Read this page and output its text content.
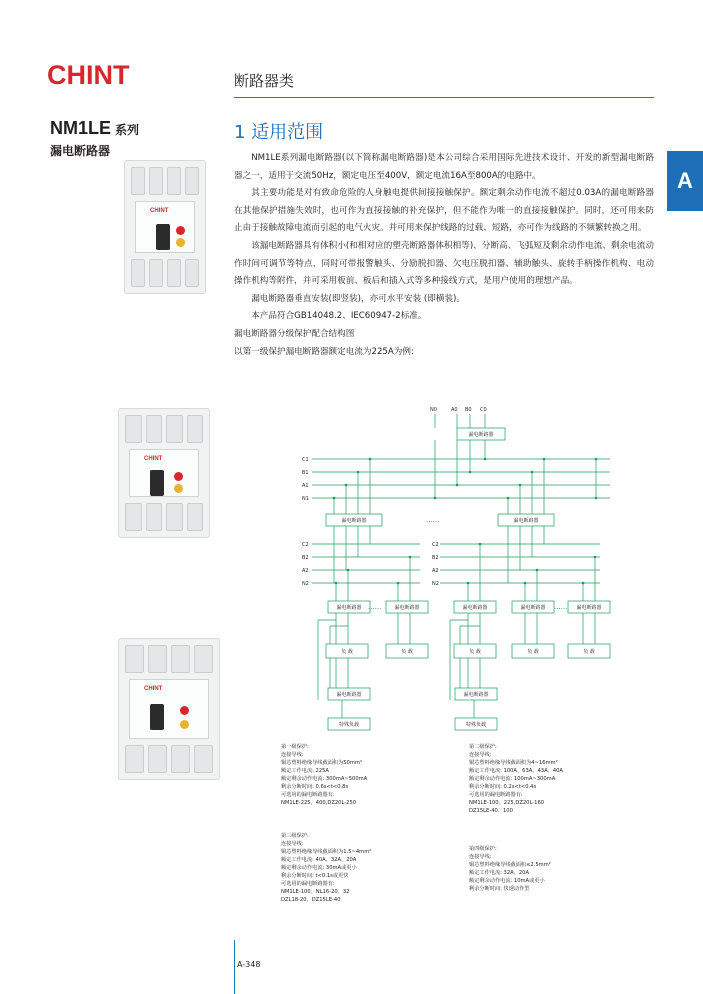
CHINT	断路器类
A
NM1LE 系列
漏电断路器
1 适用范围

NM1LE系列漏电断路器(以下简称漏电断路器)是本公司综合采用国际先进技术设计、开发的新型漏电断路器之一，适用于交流50Hz，额定电压至400V，额定电流16A至800A的电路中。

其主要功能是对有致命危险的人身触电提供间接接触保护。额定剩余动作电流不超过0.03A的漏电断路器在其他保护措施失效时，也可作为直接接触的补充保护，但不能作为唯一的直接接触保护。同时，还可用来防止由于接触故障电流而引起的电气火灾。并可用来保护线路的过载、短路，亦可作为线路的不频繁转换之用。

该漏电断路器具有体积小(和相对应的塑壳断路器体积相等)、分断高、飞弧短及剩余动作电流、剩余电流动作时间可调节等特点，同时可带报警触头、分励脱扣器、欠电压脱扣器、辅助触头、旋转手柄操作机构、电动操作机构等附件，并可采用板前、板后和插入式等多种接线方式，是用户使用的理想产品。

漏电断路器垂直安装(即竖装)，亦可水平安装 (即横装)。

本产品符合GB14048.2、IEC60947-2标准。

漏电断路器分级保护配合结构图

以第一级保护漏电断路器额定电流为225A为例:

CHINT
CHINT
CHINT
N0	A0 B0 C0
C1
B1
A1
N1
C2
B2
A2
N2
C2
B2
A2
N2
漏电断路器
漏电断路器	漏电断路器
漏电断路器	漏电断路器	漏电断路器	漏电断路器	漏电断路器
负 载	负 载	负 载	负 载	负 载
漏电断路器	漏电断路器
特殊负载	特殊负载
......
......	......
第一级保护:
连接导线:
铜芯塑料绝缘导线截面积为50mm²
额定工作电流: 225A
额定剩余动作电流: 300mA~500mA
剩余分断时间: 0.6s<t<0.8s
可选用的漏电断路器有:
NM1LE-225、400,DZ20L-250
第二级保护:
连接导线:
铜芯塑料绝缘导线截面积为4~16mm²
额定工作电流: 100A、63A、43A、40A
额定剩余动作电流: 100mA~300mA
剩余分断时间: 0.2s<t<0.4s
可选用的漏电断路器有:
NM1LE-100、225,DZ20L-160
DZ15LE-40、100
第三级保护:
连接导线:
铜芯塑料绝缘导线截面积为1.5~4mm²
额定工作电流: 40A、32A、20A
额定剩余动作电流: 30mA或更小
剩余分断时间: t<0.1s或更快
可选用的漏电断路器有:
NM1LE-100、NL16-20、32
DZL18-20、DZ15LE-40
第四级保护:
连接导线:
铜芯塑料绝缘导线截面积≤2.5mm²
额定工作电流: 32A、20A
额定剩余动作电流: 10mA或更小
剩余分断时间: 快速动作型
A-348
